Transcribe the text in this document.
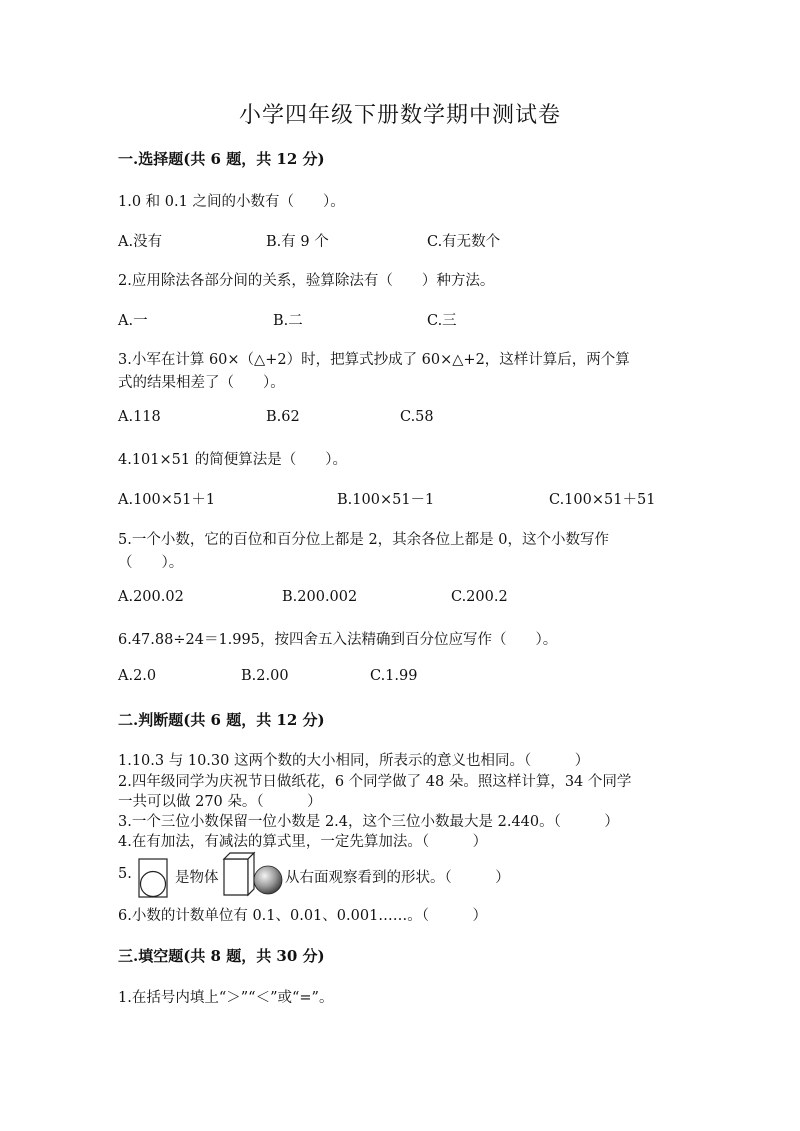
小学四年级下册数学期中测试卷
一.选择题(共 6 题，共 12 分)
1.0 和 0.1 之间的小数有（　　）。
A.没有	B.有 9 个	C.有无数个
2.应用除法各部分间的关系，验算除法有（　　）种方法。
A.一	B.二	C.三
3.小军在计算 60×（△+2）时，把算式抄成了 60×△+2，这样计算后，两个算
式的结果相差了（　　）。
A.118	B.62	C.58
4.101×51 的简便算法是（　　）。
A.100×51＋1	B.100×51－1	C.100×51＋51
5.一个小数，它的百位和百分位上都是 2，其余各位上都是 0，这个小数写作
（　　）。
A.200.02	B.200.002	C.200.2
6.47.88÷24＝1.995，按四舍五入法精确到百分位应写作（　　）。
A.2.0	B.2.00	C.1.99
二.判断题(共 6 题，共 12 分)
1.10.3 与 10.30 这两个数的大小相同，所表示的意义也相同。（　　　）
2.四年级同学为庆祝节日做纸花，6 个同学做了 48 朵。照这样计算，34 个同学
一共可以做 270 朵。（　　　）
3.一个三位小数保留一位小数是 2.4，这个三位小数最大是 2.440。（　　　）
4.在有加法，有减法的算式里，一定先算加法。（　　　）
5.	是物体	从右面观察看到的形状。（　　　）
6.小数的计数单位有 0.1、0.01、0.001……。（　　　）
三.填空题(共 8 题，共 30 分)
1.在括号内填上“＞”“＜”或“=”。
